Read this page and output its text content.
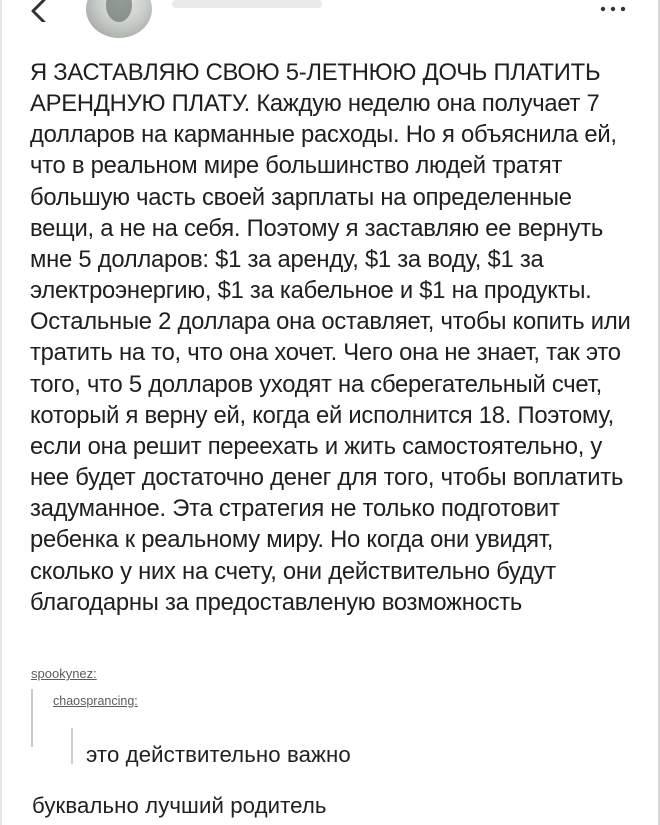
Я ЗАСТАВЛЯЮ СВОЮ 5-ЛЕТНЮЮ ДОЧЬ ПЛАТИТЬ АРЕНДНУЮ ПЛАТУ. Каждую неделю она получает 7 долларов на карманные расходы. Но я объяснила ей, что в реальном мире большинство людей тратят большую часть своей зарплаты на определенные вещи, а не на себя. Поэтому я заставляю ее вернуть мне 5 долларов: $1 за аренду, $1 за воду, $1 за электроэнергию, $1 за кабельное и $1 на продукты. Остальные 2 доллара она оставляет, чтобы копить или тратить на то, что она хочет. Чего она не знает, так это того, что 5 долларов уходят на сберегательный счет, который я верну ей, когда ей исполнится 18. Поэтому, если она решит переехать и жить самостоятельно, у нее будет достаточно денег для того, чтобы воплатить задуманное. Эта стратегия не только подготовит ребенка к реальному миру. Но когда они увидят, сколько у них на счету, они действительно будут благодарны за предоставленую возможность

spookynez:
chaosprancing:
это действительно важно
буквально лучший родитель
